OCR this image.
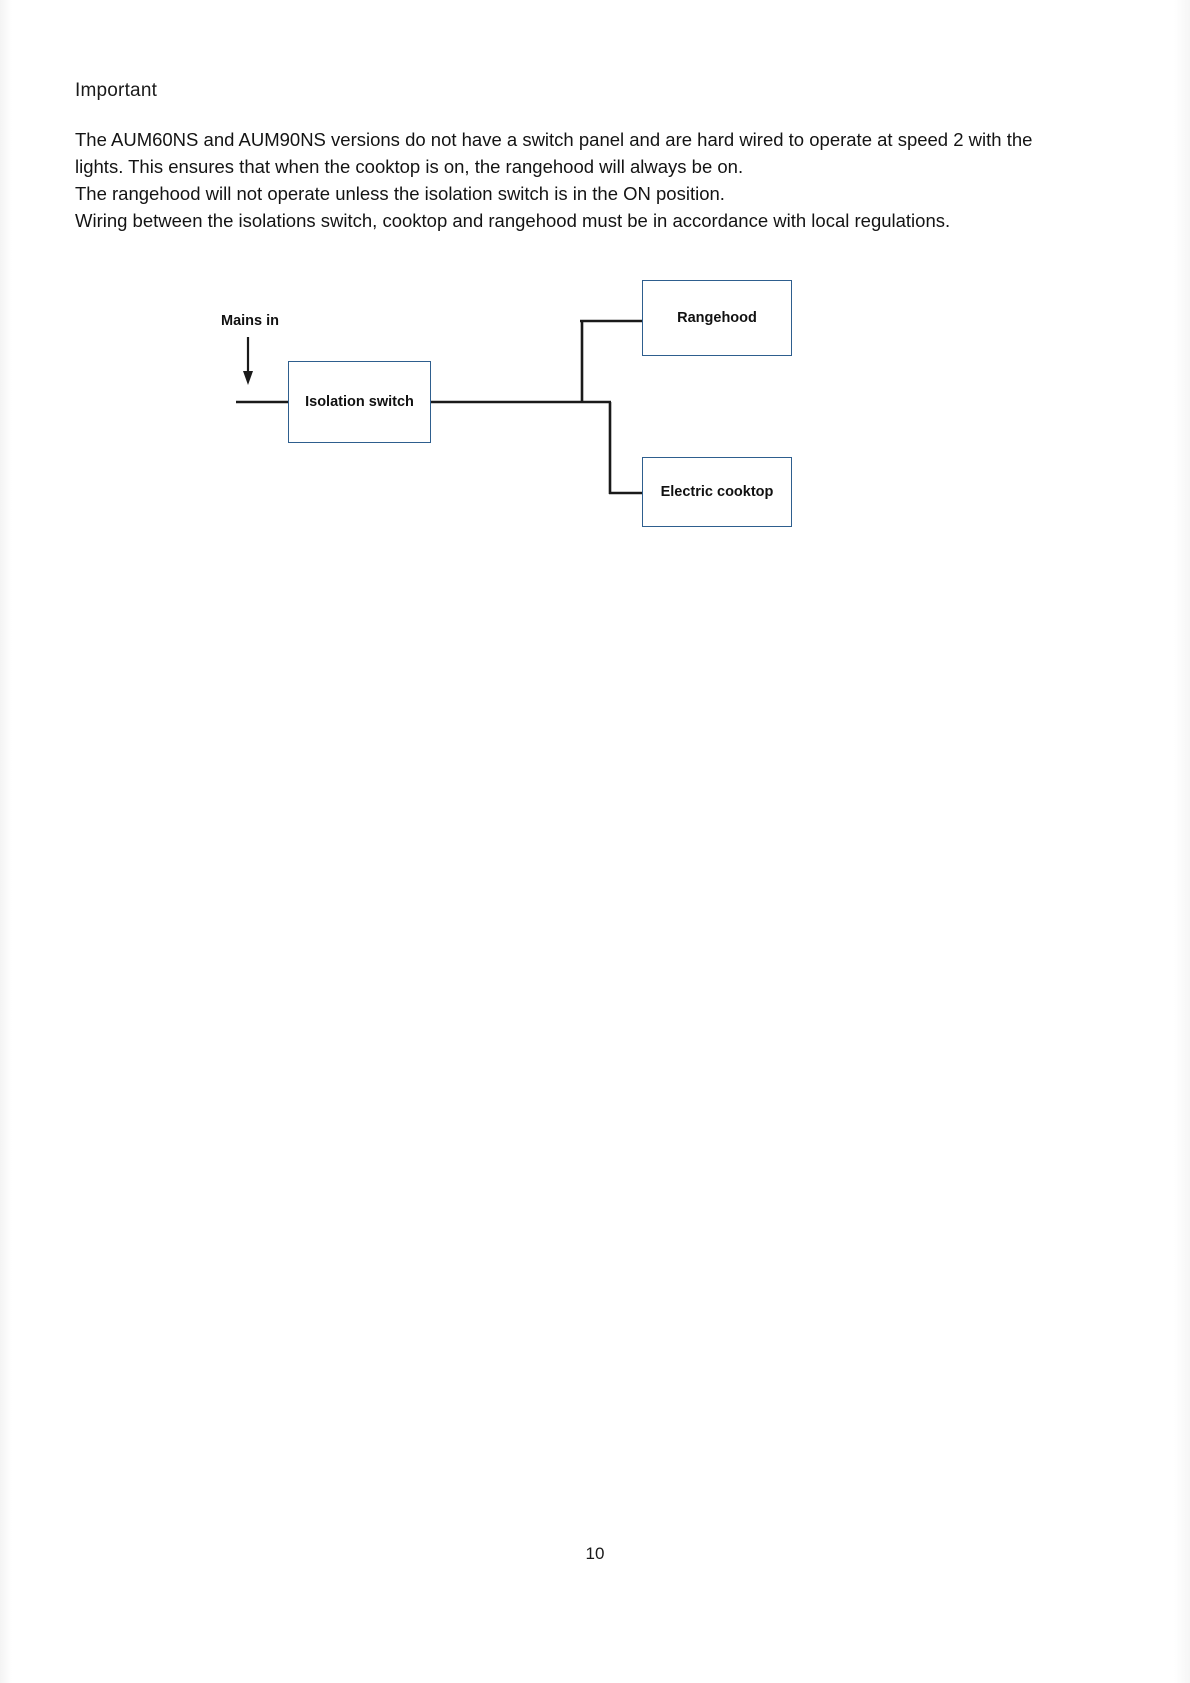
Important

The AUM60NS and AUM90NS versions do not have a switch panel and are hard wired to operate at speed 2 with the lights. This ensures that when the cooktop is on, the rangehood will always be on.

The rangehood will not operate unless the isolation switch is in the ON position.

Wiring between the isolations switch, cooktop and rangehood must be in accordance with local regulations.

Mains in
Isolation switch
Rangehood
Electric cooktop
10
